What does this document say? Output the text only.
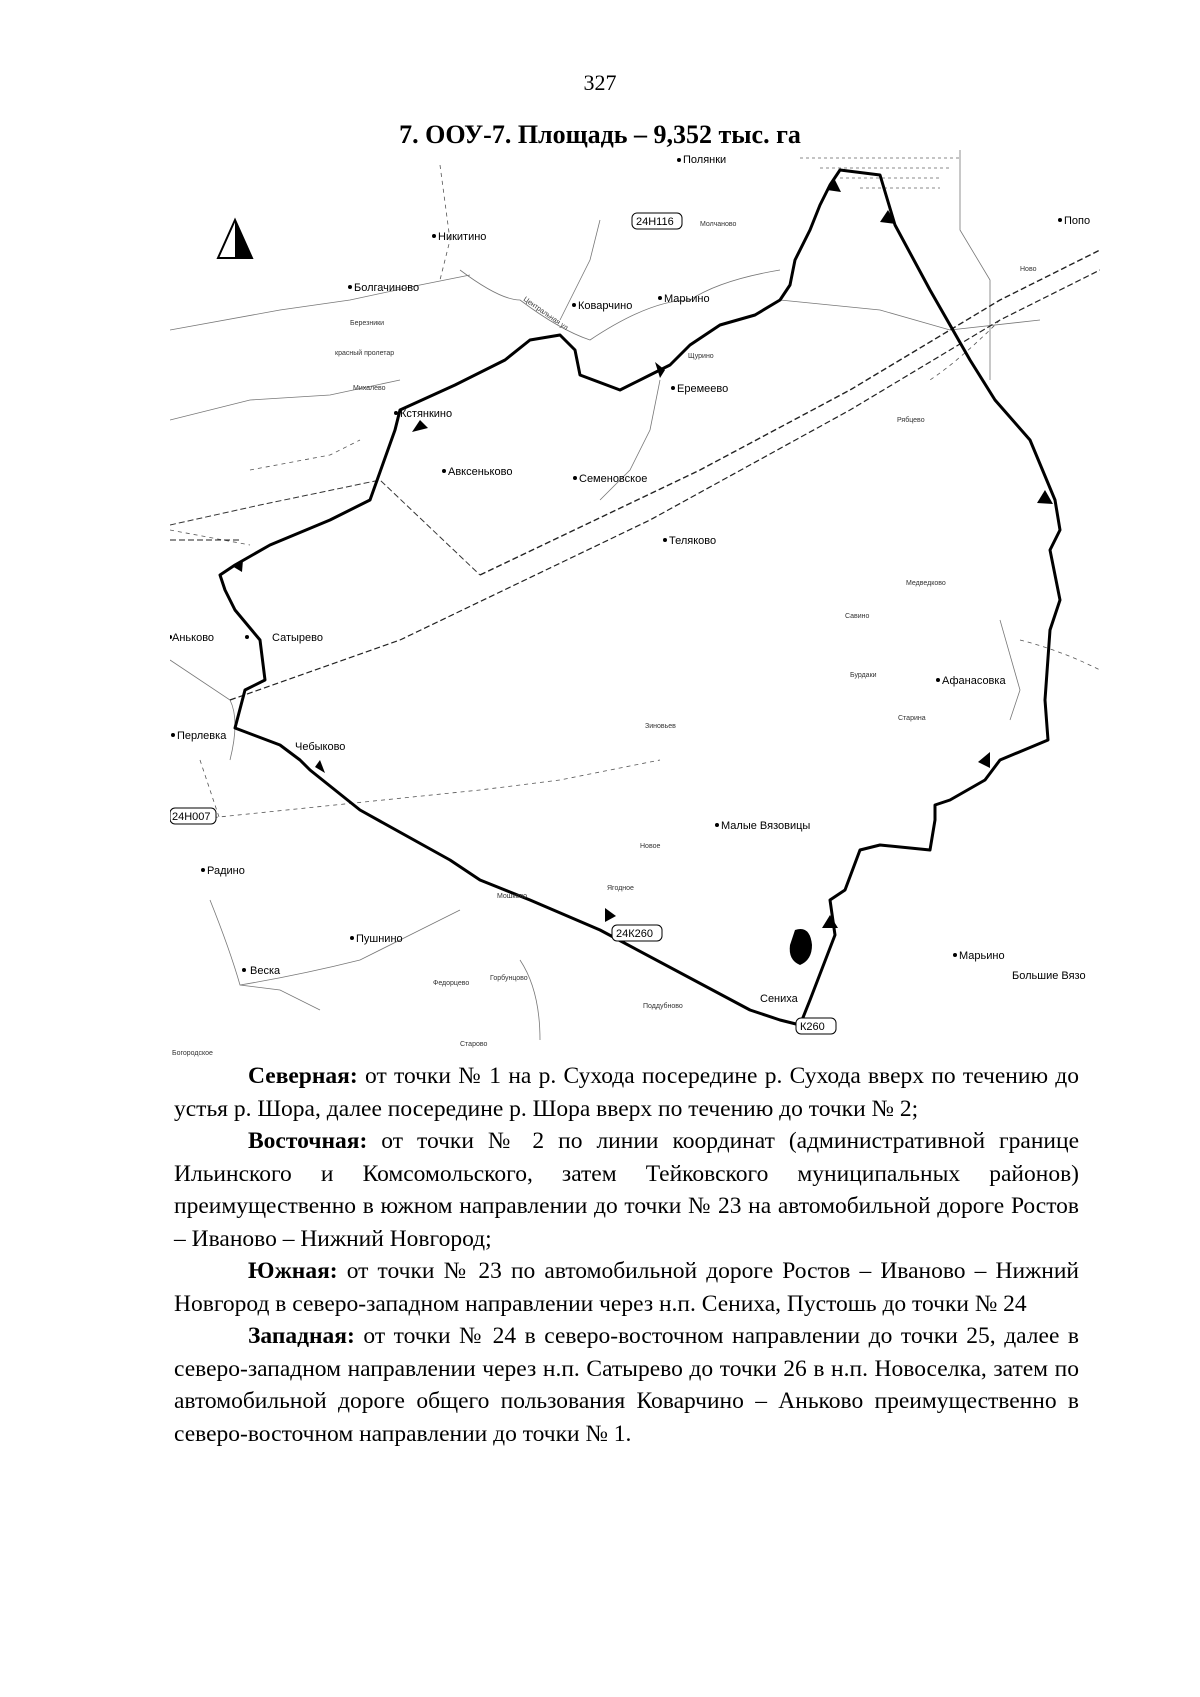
327
7. ООУ-7. Площадь – 9,352 тыс. га
Полянки
Никитино
Болгачиново
Коварчино
Марьино
Кстянкино
Еремеево
Авксеньково
Семеновское
Теляково
Аньково	Сатырево
Афанасовка
Перлевка
Чебыково
Малые Вязовицы
Радино
Пушнино
Веска
Сениха
Марьино
Большие Вязо
Попо
Молчаново
Березники
красный пролетар
Михалево
Щурино
Рябцево
Медведково
Савино
Бурдаки
Старина
Зиновьев
Новое
Ягодное
Мошково
Федорцево
Горбунцово
Поддубново
Старово
Ново
Богородское
24Н116
24Н007
24К260
К260
Центральная ул

Северная: от точки № 1 на р. Сухода посередине р. Сухода вверх по течению до устья р. Шора, далее посередине р. Шора вверх по течению до точки № 2;

Восточная: от точки № 2 по линии координат (административной границе Ильинского и Комсомольского, затем Тейковского муниципальных районов) преимущественно в южном направлении до точки № 23 на автомобильной дороге Ростов – Иваново – Нижний Новгород;

Южная: от точки № 23 по автомобильной дороге Ростов – Иваново – Нижний Новгород в северо-западном направлении через н.п. Сениха, Пустошь до точки № 24

Западная: от точки № 24 в северо-восточном направлении до точки 25, далее в северо-западном направлении через н.п. Сатырево до точки 26 в н.п. Новоселка, затем по автомобильной дороге общего пользования Коварчино – Аньково преимущественно в северо-восточном направлении до точки № 1.
